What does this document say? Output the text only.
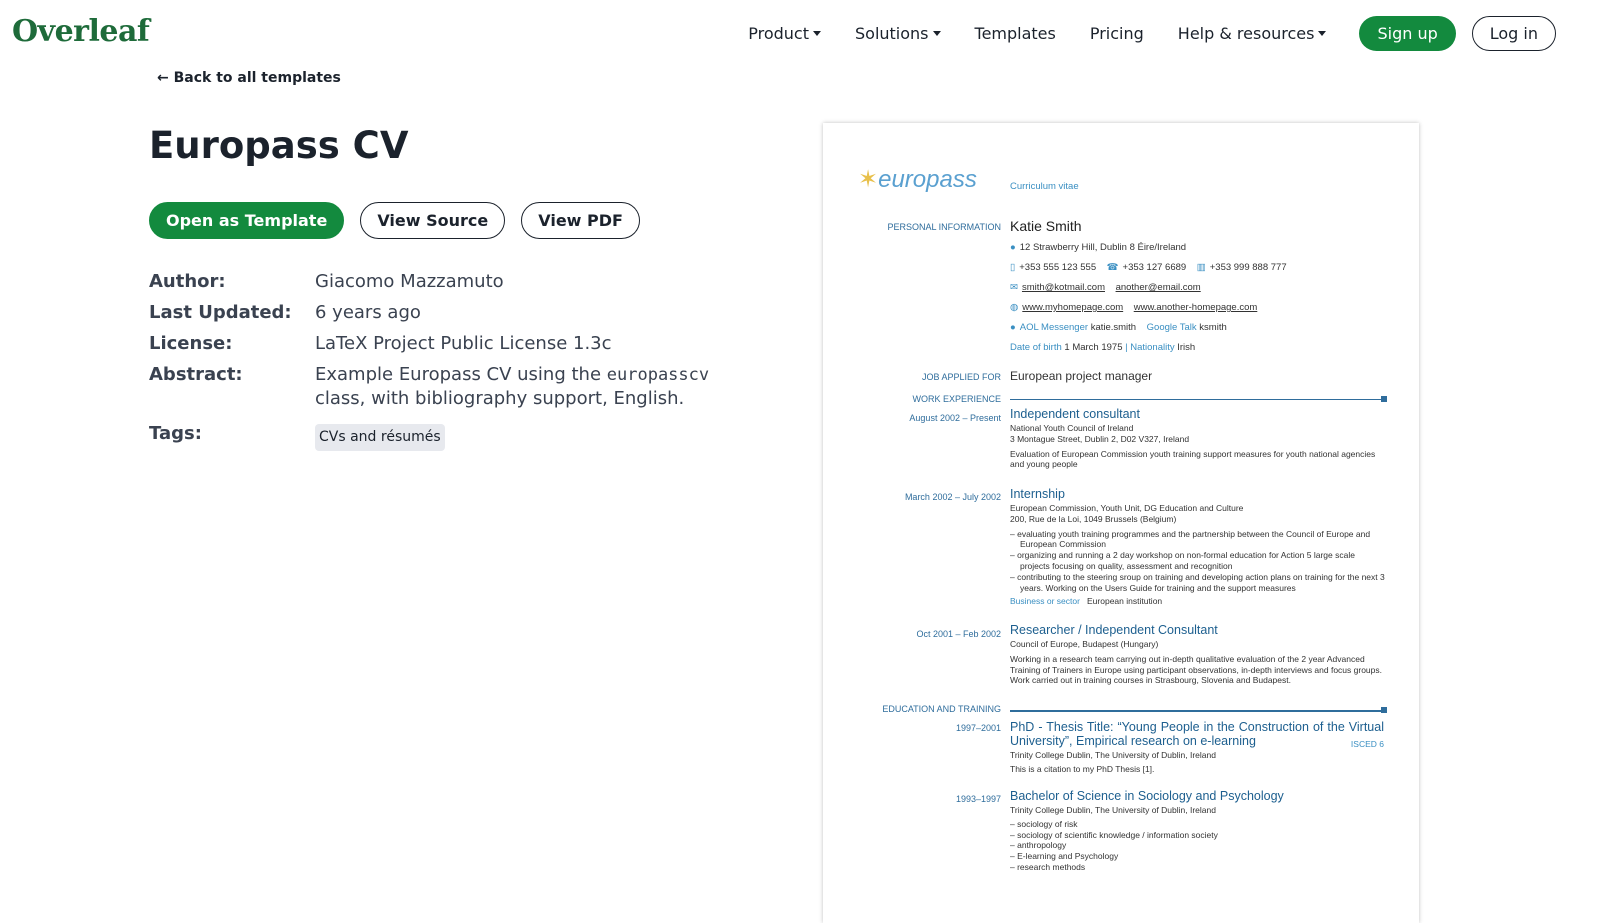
Overleaf	Product	Solutions	Templates	Pricing	Help & resources	Sign up	Log in
← Back to all templates
Europass CV
Open as Template	View Source	View PDF
Author:	Giacomo Mazzamuto
Last Updated:	6 years ago
License:	LaTeX Project Public License 1.3c
Abstract:	Example Europass CV using the europasscv class, with bibliography support, English.
Tags:	CVs and résumés
✶europass	Curriculum vitae
PERSONAL INFORMATION Katie Smith
● 12 Strawberry Hill, Dublin 8 Éire/Ireland
▯ +353 555 123 555 ☎ +353 127 6689 ▥ +353 999 888 777
✉ smith@kotmail.com another@email.com
◍ www.myhomepage.com www.another-homepage.com
● AOL Messenger katie.smith Google Talk ksmith
Date of birth 1 March 1975 | Nationality Irish
JOB APPLIED FOR European project manager
WORK EXPERIENCE
August 2002 – Present Independent consultant
National Youth Council of Ireland
3 Montague Street, Dublin 2, D02 V327, Ireland
Evaluation of European Commission youth training support measures for youth national agencies and young people
March 2002 – July 2002 Internship
European Commission, Youth Unit, DG Education and Culture
200, Rue de la Loi, 1049 Brussels (Belgium)
– evaluating youth training programmes and the partnership between the Council of Europe and European Commission
– organizing and running a 2 day workshop on non-formal education for Action 5 large scale projects focusing on quality, assessment and recognition
– contributing to the steering sroup on training and developing action plans on training for the next 3 years. Working on the Users Guide for training and the support measures
Business or sector European institution
Oct 2001 – Feb 2002 Researcher / Independent Consultant
Council of Europe, Budapest (Hungary)
Working in a research team carrying out in-depth qualitative evaluation of the 2 year Advanced Training of Trainers in Europe using participant observations, in-depth interviews and focus groups. Work carried out in training courses in Strasbourg, Slovenia and Budapest.
EDUCATION AND TRAINING
1997–2001 PhD - Thesis Title: “Young People in the Construction of the Virtual University”, Empirical research on e-learning	ISCED 6
Trinity College Dublin, The University of Dublin, Ireland
This is a citation to my PhD Thesis [1].
1993–1997 Bachelor of Science in Sociology and Psychology
Trinity College Dublin, The University of Dublin, Ireland
– sociology of risk
– sociology of scientific knowledge / information society
– anthropology
– E-learning and Psychology
– research methods
